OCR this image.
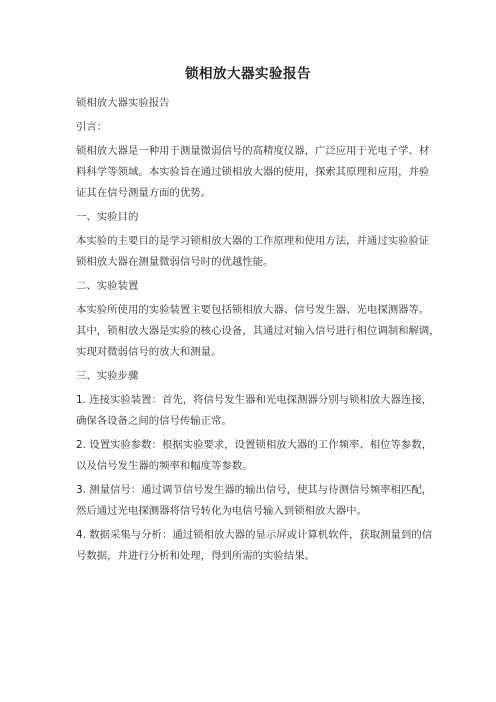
锁相放大器实验报告

锁相放大器实验报告

引言：

锁相放大器是一种用于测量微弱信号的高精度仪器，广泛应用于光电子学、材

料科学等领域。本实验旨在通过锁相放大器的使用，探索其原理和应用，并验

证其在信号测量方面的优势。

一、实验目的

本实验的主要目的是学习锁相放大器的工作原理和使用方法，并通过实验验证

锁相放大器在测量微弱信号时的优越性能。

二、实验装置

本实验所使用的实验装置主要包括锁相放大器、信号发生器、光电探测器等。

其中，锁相放大器是实验的核心设备，其通过对输入信号进行相位调制和解调，

实现对微弱信号的放大和测量。

三、实验步骤

1. 连接实验装置：首先，将信号发生器和光电探测器分别与锁相放大器连接，

确保各设备之间的信号传输正常。

2. 设置实验参数：根据实验要求，设置锁相放大器的工作频率、相位等参数，

以及信号发生器的频率和幅度等参数。

3. 测量信号：通过调节信号发生器的输出信号，使其与待测信号频率相匹配，

然后通过光电探测器将信号转化为电信号输入到锁相放大器中。

4. 数据采集与分析：通过锁相放大器的显示屏或计算机软件，获取测量到的信

号数据，并进行分析和处理，得到所需的实验结果。
